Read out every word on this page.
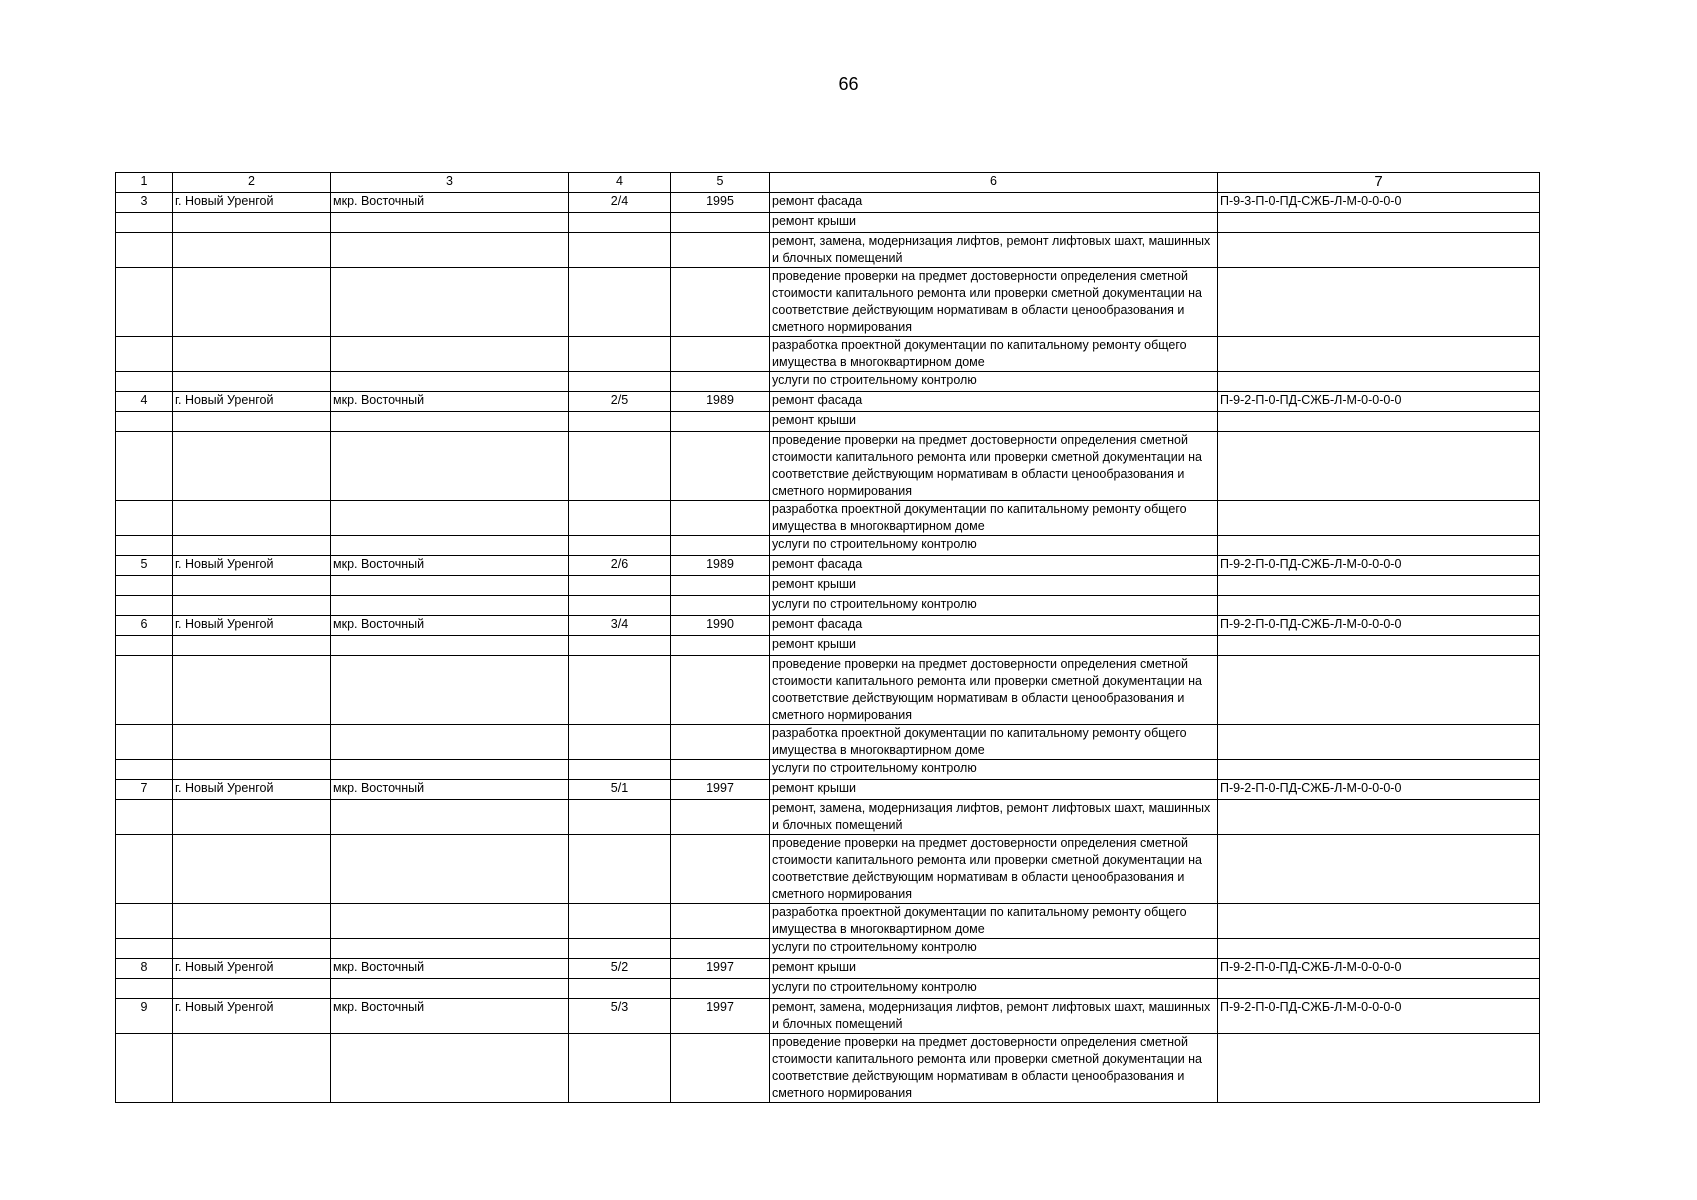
66
1	2	3	4	5	6	7
3	г. Новый Уренгой	мкр. Восточный	2/4	1995	ремонт фасада	П-9-3-П-0-ПД-СЖБ-Л-М-0-0-0-0
					ремонт крыши	
					ремонт, замена, модернизация лифтов, ремонт лифтовых шахт, машинных и блочных помещений	
					проведение проверки на предмет достоверности определения сметной стоимости капитального ремонта или проверки сметной документации на соответствие действующим нормативам в области ценообразования и сметного нормирования	
					разработка проектной документации по капитальному ремонту общего имущества в многоквартирном доме	
					услуги по строительному контролю	
4	г. Новый Уренгой	мкр. Восточный	2/5	1989	ремонт фасада	П-9-2-П-0-ПД-СЖБ-Л-М-0-0-0-0
					ремонт крыши	
					проведение проверки на предмет достоверности определения сметной стоимости капитального ремонта или проверки сметной документации на соответствие действующим нормативам в области ценообразования и сметного нормирования	
					разработка проектной документации по капитальному ремонту общего имущества в многоквартирном доме	
					услуги по строительному контролю	
5	г. Новый Уренгой	мкр. Восточный	2/6	1989	ремонт фасада	П-9-2-П-0-ПД-СЖБ-Л-М-0-0-0-0
					ремонт крыши	
					услуги по строительному контролю	
6	г. Новый Уренгой	мкр. Восточный	3/4	1990	ремонт фасада	П-9-2-П-0-ПД-СЖБ-Л-М-0-0-0-0
					ремонт крыши	
					проведение проверки на предмет достоверности определения сметной стоимости капитального ремонта или проверки сметной документации на соответствие действующим нормативам в области ценообразования и сметного нормирования	
					разработка проектной документации по капитальному ремонту общего имущества в многоквартирном доме	
					услуги по строительному контролю	
7	г. Новый Уренгой	мкр. Восточный	5/1	1997	ремонт крыши	П-9-2-П-0-ПД-СЖБ-Л-М-0-0-0-0
					ремонт, замена, модернизация лифтов, ремонт лифтовых шахт, машинных и блочных помещений	
					проведение проверки на предмет достоверности определения сметной стоимости капитального ремонта или проверки сметной документации на соответствие действующим нормативам в области ценообразования и сметного нормирования	
					разработка проектной документации по капитальному ремонту общего имущества в многоквартирном доме	
					услуги по строительному контролю	
8	г. Новый Уренгой	мкр. Восточный	5/2	1997	ремонт крыши	П-9-2-П-0-ПД-СЖБ-Л-М-0-0-0-0
					услуги по строительному контролю	
9	г. Новый Уренгой	мкр. Восточный	5/3	1997	ремонт, замена, модернизация лифтов, ремонт лифтовых шахт, машинных и блочных помещений	П-9-2-П-0-ПД-СЖБ-Л-М-0-0-0-0
					проведение проверки на предмет достоверности определения сметной стоимости капитального ремонта или проверки сметной документации на соответствие действующим нормативам в области ценообразования и сметного нормирования	
